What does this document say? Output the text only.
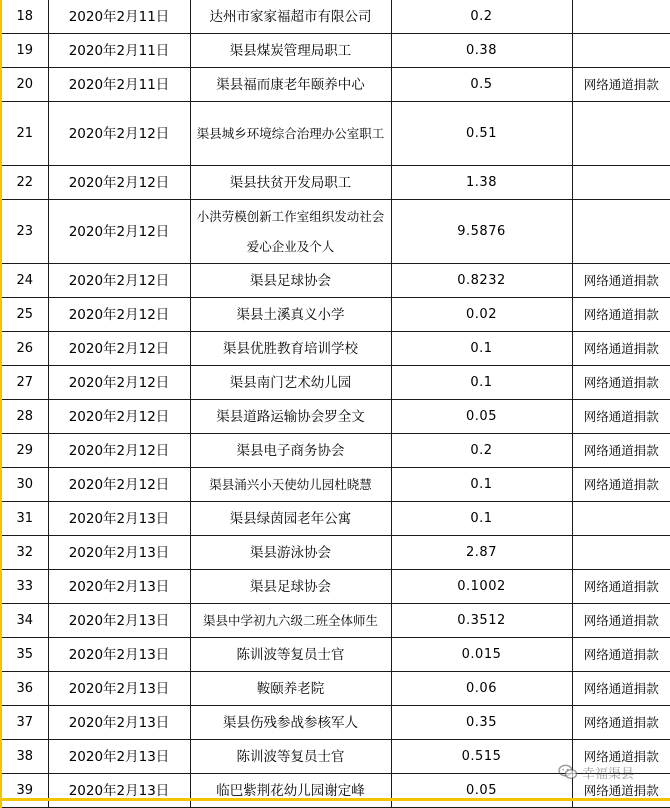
18	2020年2月11日	达州市家家福超市有限公司	0.2	
19	2020年2月11日	渠县煤炭管理局职工	0.38	
20	2020年2月11日	渠县福而康老年颐养中心	0.5	网络通道捐款
21	2020年2月12日	渠县城乡环境综合治理办公室职工	0.51	
22	2020年2月12日	渠县扶贫开发局职工	1.38	
23	2020年2月12日	小洪劳模创新工作室组织发动社会爱心企业及个人	9.5876	
24	2020年2月12日	渠县足球协会	0.8232	网络通道捐款
25	2020年2月12日	渠县土溪真义小学	0.02	网络通道捐款
26	2020年2月12日	渠县优胜教育培训学校	0.1	网络通道捐款
27	2020年2月12日	渠县南门艺术幼儿园	0.1	网络通道捐款
28	2020年2月12日	渠县道路运输协会罗全文	0.05	网络通道捐款
29	2020年2月12日	渠县电子商务协会	0.2	网络通道捐款
30	2020年2月12日	渠县涌兴小天使幼儿园杜晓慧	0.1	网络通道捐款
31	2020年2月13日	渠县绿茵园老年公寓	0.1	
32	2020年2月13日	渠县游泳协会	2.87	
33	2020年2月13日	渠县足球协会	0.1002	网络通道捐款
34	2020年2月13日	渠县中学初九六级二班全体师生	0.3512	网络通道捐款
35	2020年2月13日	陈训波等复员士官	0.015	网络通道捐款
36	2020年2月13日	鞍颐养老院	0.06	网络通道捐款
37	2020年2月13日	渠县伤残参战参核军人	0.35	网络通道捐款
38	2020年2月13日	陈训波等复员士官	0.515	网络通道捐款
39	2020年2月13日	临巴紫荆花幼儿园谢定峰	0.05	网络通道捐款
幸福渠县
